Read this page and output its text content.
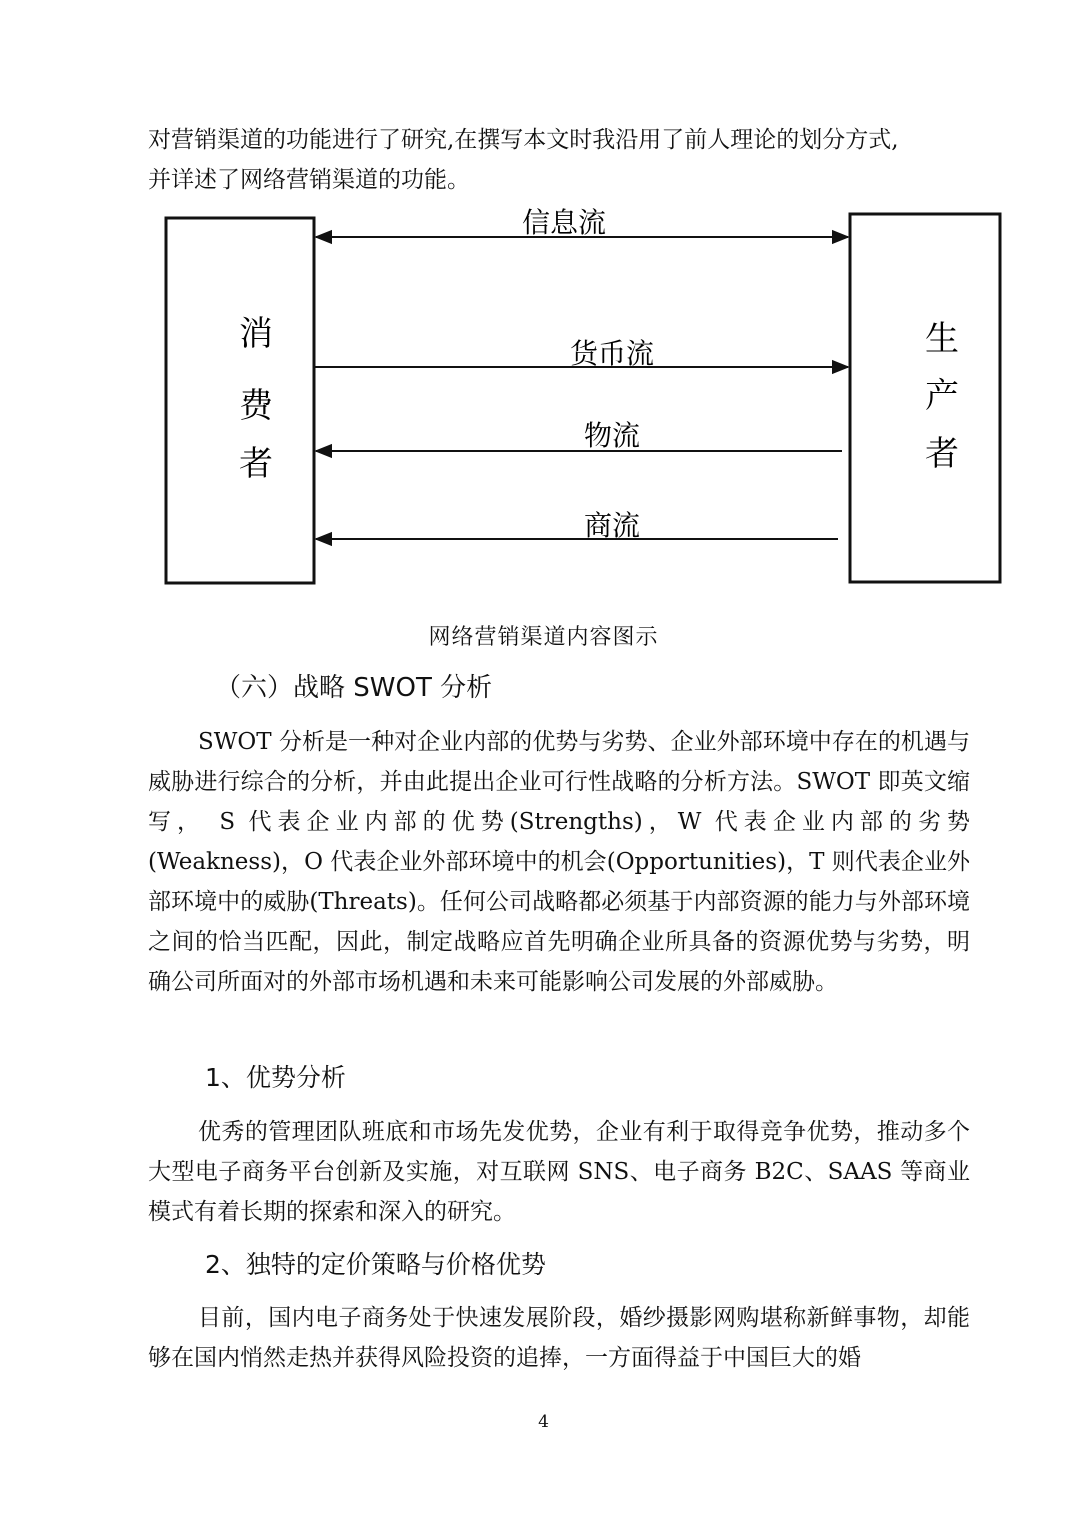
对营销渠道的功能进行了研究,在撰写本文时我沿用了前人理论的划分方式,

并详述了网络营销渠道的功能。

消
费
者
生
产
者
信息流
货币流
物流
商流

网络营销渠道内容图示

（六）战略 SWOT 分析

SWOT 分析是一种对企业内部的优势与劣势、企业外部环境中存在的机遇与威胁进行综合的分析，并由此提出企业可行性战略的分析方法。SWOT 即英文缩写， S 代表企业内部的优势(Strengths)，W 代表企业内部的劣势(Weakness)，O 代表企业外部环境中的机会(Opportunities)，T 则代表企业外部环境中的威胁(Threats)。任何公司战略都必须基于内部资源的能力与外部环境之间的恰当匹配，因此，制定战略应首先明确企业所具备的资源优势与劣势，明确公司所面对的外部市场机遇和未来可能影响公司发展的外部威胁。

1、优势分析

优秀的管理团队班底和市场先发优势，企业有利于取得竞争优势，推动多个大型电子商务平台创新及实施，对互联网 SNS、电子商务 B2C、SAAS 等商业模式有着长期的探索和深入的研究。

2、独特的定价策略与价格优势

目前，国内电子商务处于快速发展阶段，婚纱摄影网购堪称新鲜事物，却能够在国内悄然走热并获得风险投资的追捧，一方面得益于中国巨大的婚

4
